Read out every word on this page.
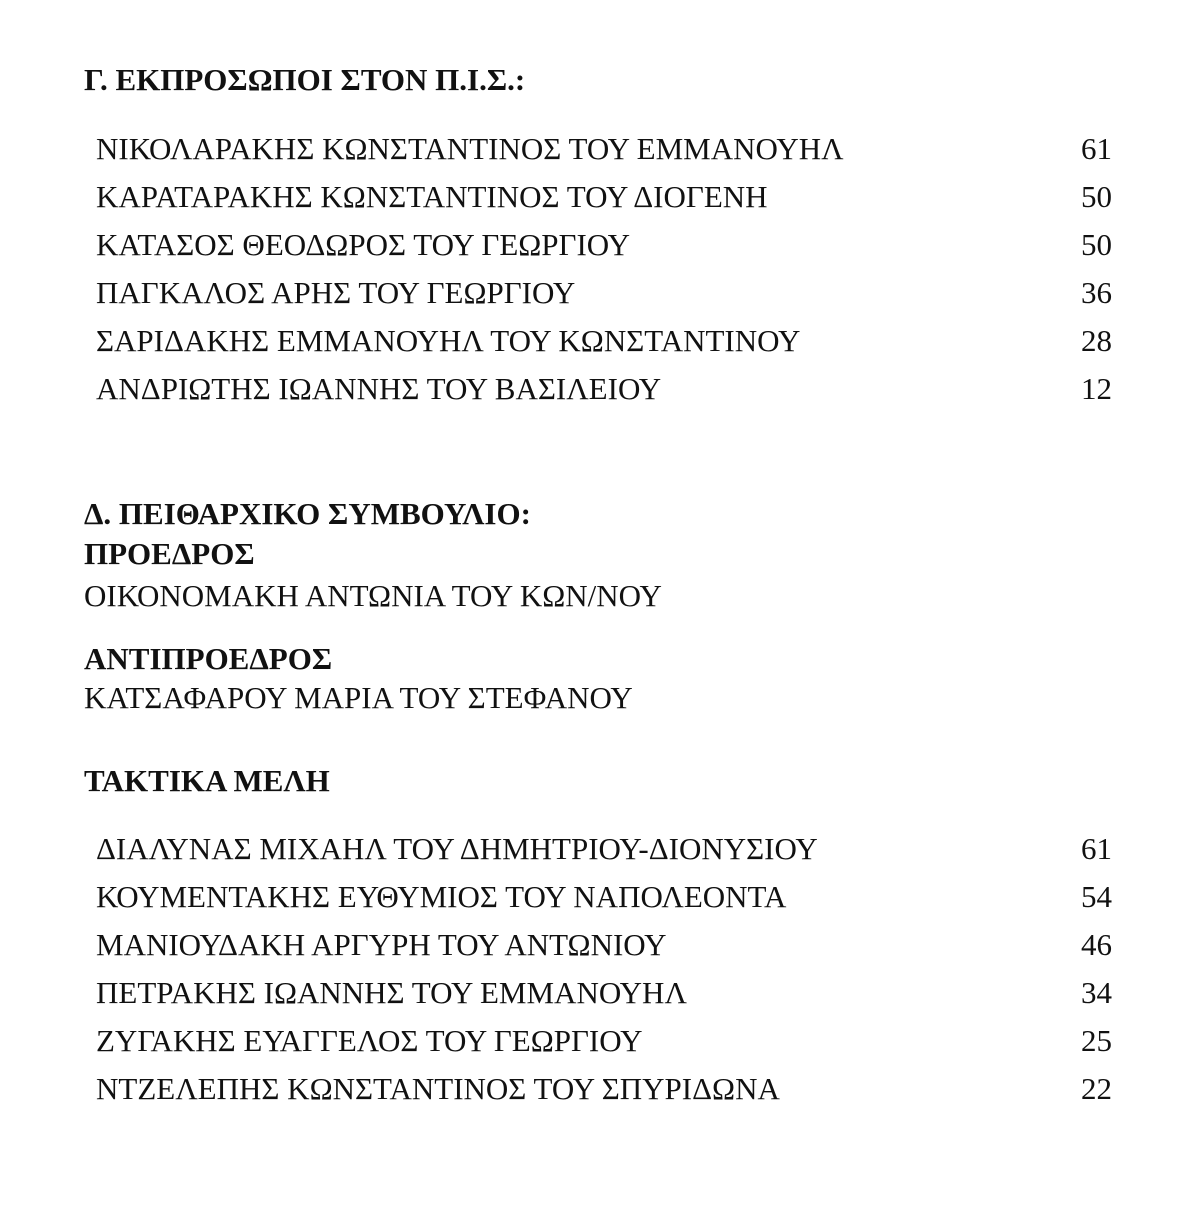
Γ. ΕΚΠΡΟΣΩΠΟΙ ΣΤΟΝ Π.Ι.Σ.:
ΝΙΚΟΛΑΡΑΚΗΣ ΚΩΝΣΤΑΝΤΙΝΟΣ ΤΟΥ ΕΜΜΑΝΟΥΗΛ	61
ΚΑΡΑΤΑΡΑΚΗΣ ΚΩΝΣΤΑΝΤΙΝΟΣ ΤΟΥ ΔΙΟΓΕΝΗ	50
ΚΑΤΑΣΟΣ ΘΕΟΔΩΡΟΣ ΤΟΥ ΓΕΩΡΓΙΟΥ	50
ΠΑΓΚΑΛΟΣ ΑΡΗΣ ΤΟΥ ΓΕΩΡΓΙΟΥ	36
ΣΑΡΙΔΑΚΗΣ ΕΜΜΑΝΟΥΗΛ ΤΟΥ ΚΩΝΣΤΑΝΤΙΝΟΥ	28
ΑΝΔΡΙΩΤΗΣ ΙΩΑΝΝΗΣ ΤΟΥ ΒΑΣΙΛΕΙΟΥ	12
Δ. ΠΕΙΘΑΡΧΙΚΟ ΣΥΜΒΟΥΛΙΟ:
ΠΡΟΕΔΡΟΣ
ΟΙΚΟΝΟΜΑΚΗ ΑΝΤΩΝΙΑ ΤΟΥ ΚΩΝ/ΝΟΥ
ΑΝΤΙΠΡΟΕΔΡΟΣ
ΚΑΤΣΑΦΑΡΟΥ ΜΑΡΙΑ ΤΟΥ ΣΤΕΦΑΝΟΥ
ΤΑΚΤΙΚΑ ΜΕΛΗ
ΔΙΑΛΥΝΑΣ ΜΙΧΑΗΛ ΤΟΥ ΔΗΜΗΤΡΙΟΥ-ΔΙΟΝΥΣΙΟΥ	61
ΚΟΥΜΕΝΤΑΚΗΣ ΕΥΘΥΜΙΟΣ ΤΟΥ ΝΑΠΟΛΕΟΝΤΑ	54
ΜΑΝΙΟΥΔΑΚΗ ΑΡΓΥΡΗ ΤΟΥ ΑΝΤΩΝΙΟΥ	46
ΠΕΤΡΑΚΗΣ ΙΩΑΝΝΗΣ ΤΟΥ ΕΜΜΑΝΟΥΗΛ	34
ΖΥΓΑΚΗΣ ΕΥΑΓΓΕΛΟΣ ΤΟΥ ΓΕΩΡΓΙΟΥ	25
ΝΤΖΕΛΕΠΗΣ ΚΩΝΣΤΑΝΤΙΝΟΣ ΤΟΥ ΣΠΥΡΙΔΩΝΑ	22
